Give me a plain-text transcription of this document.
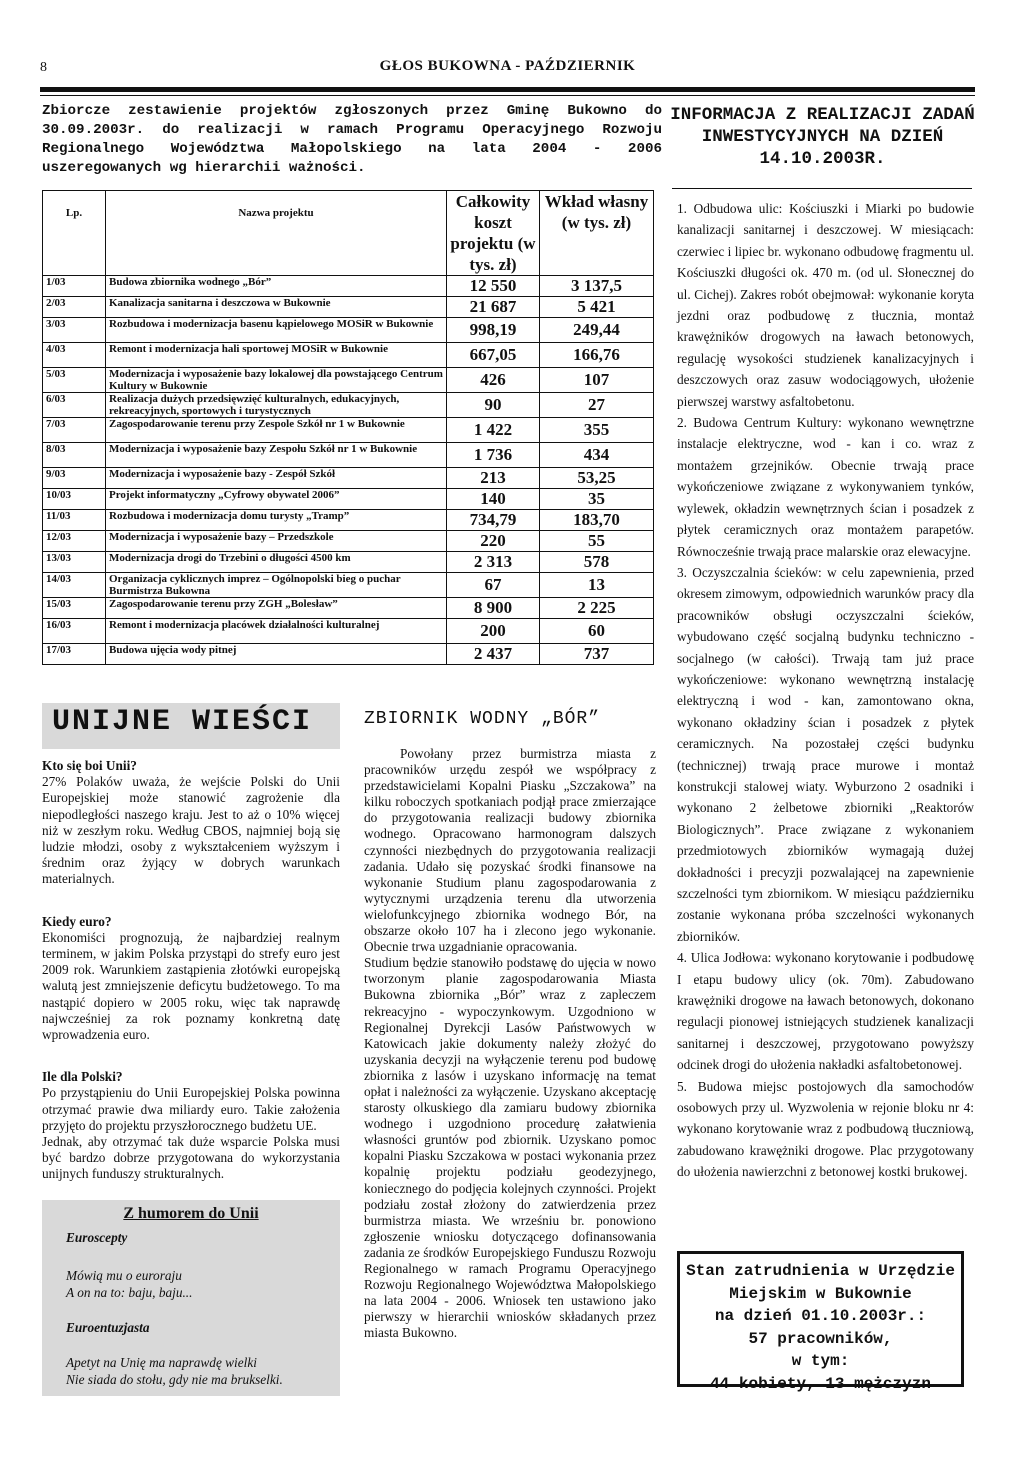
8	GŁOS BUKOWNA - PAŹDZIERNIK
Zbiorcze zestawienie projektów zgłoszonych przez Gminę Bukowno do 30.09.2003r. do realizacji w ramach Programu Operacyjnego Rozwoju Regionalnego Województwa Małopolskiego na lata 2004 - 2006 uszeregowanych wg hierarchii ważności.
Lp.	Nazwa projektu	Całkowity koszt projektu (w tys. zł)	Wkład własny (w tys. zł)
1/03	Budowa zbiornika wodnego „Bór”	12 550	3 137,5
2/03	Kanalizacja sanitarna i deszczowa w Bukownie	21 687	5 421
3/03	Rozbudowa i modernizacja basenu kąpielowego MOSiR w Bukownie	998,19	249,44
4/03	Remont i modernizacja hali sportowej MOSiR w Bukownie	667,05	166,76
5/03	Modernizacja i wyposażenie bazy lokalowej dla powstającego Centrum Kultury w Bukownie	426	107
6/03	Realizacja dużych przedsięwzięć kulturalnych, edukacyjnych, rekreacyjnych, sportowych i turystycznych	90	27
7/03	Zagospodarowanie terenu przy Zespole Szkół nr 1 w Bukownie	1 422	355
8/03	Modernizacja i wyposażenie bazy Zespołu Szkół nr 1 w Bukownie	1 736	434
9/03	Modernizacja i wyposażenie bazy - Zespół Szkół	213	53,25
10/03	Projekt informatyczny „Cyfrowy obywatel 2006”	140	35
11/03	Rozbudowa i modernizacja domu turysty „Tramp”	734,79	183,70
12/03	Modernizacja i wyposażenie bazy – Przedszkole	220	55
13/03	Modernizacja drogi do Trzebini o długości 4500 km	2 313	578
14/03	Organizacja cyklicznych imprez – Ogólnopolski bieg o puchar Burmistrza Bukowna	67	13
15/03	Zagospodarowanie terenu przy ZGH „Bolesław”	8 900	2 225
16/03	Remont i modernizacja placówek działalności kulturalnej	200	60
17/03	Budowa ujęcia wody pitnej	2 437	737
UNIJNE WIEŚCI

Kto się boi Unii?

27% Polaków uważa, że wejście Polski do Unii Europejskiej może stanowić zagrożenie dla niepodległości naszego kraju. Jest to aż o 10% więcej niż w zeszłym roku. Według CBOS, najmniej boją się ludzie młodzi, osoby z wykształceniem wyższym i średnim oraz żyjący w dobrych warunkach materialnych.

Kiedy euro?

Ekonomiści prognozują, że najbardziej realnym terminem, w jakim Polska przystąpi do strefy euro jest 2009 rok. Warunkiem zastąpienia złotówki europejską walutą jest zmniejszenie deficytu budżetowego. To ma nastąpić dopiero w 2005 roku, więc tak naprawdę najwcześniej za rok poznamy konkretną datę wprowadzenia euro.

Ile dla Polski?

Po przystąpieniu do Unii Europejskiej Polska powinna otrzymać prawie dwa miliardy euro. Takie założenia przyjęto do projektu przyszłorocznego budżetu UE.

Jednak, aby otrzymać tak duże wsparcie Polska musi być bardzo dobrze przygotowana do wykorzystania unijnych funduszy strukturalnych.

Z humorem do Unii
Euroscepty
Mówią mu o euroraju
A on na to: baju, baju...
Euroentuzjasta
Apetyt na Unię ma naprawdę wielki
Nie siada do stołu, gdy nie ma brukselki.
ZBIORNIK WODNY „BÓR”

Powołany przez burmistrza miasta z pracowników urzędu zespół we współpracy z przedstawicielami Kopalni Piasku „Szczakowa” na kilku roboczych spotkaniach podjął prace zmierzające do przygotowania realizacji budowy zbiornika wodnego. Opracowano harmonogram dalszych czynności niezbędnych do przygotowania realizacji zadania. Udało się pozyskać środki finansowe na wykonanie Studium planu zagospodarowania z wytycznymi urządzenia terenu dla utworzenia wielofunkcyjnego zbiornika wodnego Bór, na obszarze około 107 ha i zlecono jego wykonanie. Obecnie trwa uzgadnianie opracowania.

Studium będzie stanowiło podstawę do ujęcia w nowo tworzonym planie zagospodarowania Miasta Bukowna zbiornika „Bór” wraz z zapleczem rekreacyjno - wypoczynkowym. Uzgodniono w Regionalnej Dyrekcji Lasów Państwowych w Katowicach jakie dokumenty należy złożyć do uzyskania decyzji na wyłączenie terenu pod budowę zbiornika z lasów i uzyskano informację na temat opłat i należności za wyłączenie. Uzyskano akceptację starosty olkuskiego dla zamiaru budowy zbiornika wodnego i uzgodniono procedurę załatwienia własności gruntów pod zbiornik. Uzyskano pomoc kopalni Piasku Szczakowa w postaci wykonania przez kopalnię projektu podziału geodezyjnego, koniecznego do podjęcia kolejnych czynności. Projekt podziału został złożony do zatwierdzenia przez burmistrza miasta. We wrześniu br. ponowiono zgłoszenie wniosku dotyczącego dofinansowania zadania ze środków Europejskiego Funduszu Rozwoju Regionalnego w ramach Programu Operacyjnego Rozwoju Regionalnego Województwa Małopolskiego na lata 2004 - 2006. Wniosek ten ustawiono jako pierwszy w hierarchii wniosków składanych przez miasta Bukowno.

INFORMACJA Z REALIZACJI ZADAŃ INWESTYCYJNYCH NA DZIEŃ 14.10.2003R.

1. Odbudowa ulic: Kościuszki i Miarki po budowie kanalizacji sanitarnej i deszczowej. W miesiącach: czerwiec i lipiec br. wykonano odbudowę fragmentu ul. Kościuszki długości ok. 470 m. (od ul. Słonecznej do ul. Cichej). Zakres robót obejmował: wykonanie koryta jezdni oraz podbudowę z tłucznia, montaż krawężników drogowych na ławach betonowych, regulację wysokości studzienek kanalizacyjnych i deszczowych oraz zasuw wodociągowych, ułożenie pierwszej warstwy asfaltobetonu.

2. Budowa Centrum Kultury: wykonano wewnętrzne instalacje elektryczne, wod - kan i co. wraz z montażem grzejników. Obecnie trwają prace wykończeniowe związane z wykonywaniem tynków, wylewek, okładzin wewnętrznych ścian i posadzek z płytek ceramicznych oraz montażem parapetów. Równocześnie trwają prace malarskie oraz elewacyjne.

3. Oczyszczalnia ścieków: w celu zapewnienia, przed okresem zimowym, odpowiednich warunków pracy dla pracowników obsługi oczyszczalni ścieków, wybudowano część socjalną budynku techniczno - socjalnego (w całości). Trwają tam już prace wykończeniowe: wykonano wewnętrzną instalację elektryczną i wod - kan, zamontowano okna, wykonano okładziny ścian i posadzek z płytek ceramicznych. Na pozostałej części budynku (technicznej) trwają prace murowe i montaż konstrukcji stalowej wiaty. Wyburzono 2 osadniki i wykonano 2 żelbetowe zbiorniki „Reaktorów Biologicznych”. Prace związane z wykonaniem przedmiotowych zbiorników wymagają dużej dokładności i precyzji pozwalającej na zapewnienie szczelności tym zbiornikom. W miesiącu październiku zostanie wykonana próba szczelności wykonanych zbiorników.

4. Ulica Jodłowa: wykonano korytowanie i podbudowę I etapu budowy ulicy (ok. 70m). Zabudowano krawężniki drogowe na ławach betonowych, dokonano regulacji pionowej istniejących studzienek kanalizacji sanitarnej i deszczowej, przygotowano powyższy odcinek drogi do ułożenia nakładki asfaltobetonowej.

5. Budowa miejsc postojowych dla samochodów osobowych przy ul. Wyzwolenia w rejonie bloku nr 4: wykonano korytowanie wraz z podbudową tłuczniową, zabudowano krawężniki drogowe. Plac przygotowany do ułożenia nawierzchni z betonowej kostki brukowej.

Stan zatrudnienia w Urzędzie Miejskim w Bukownie
na dzień 01.10.2003r.:
57 pracowników,
w tym:
44 kobiety, 13 mężczyzn
